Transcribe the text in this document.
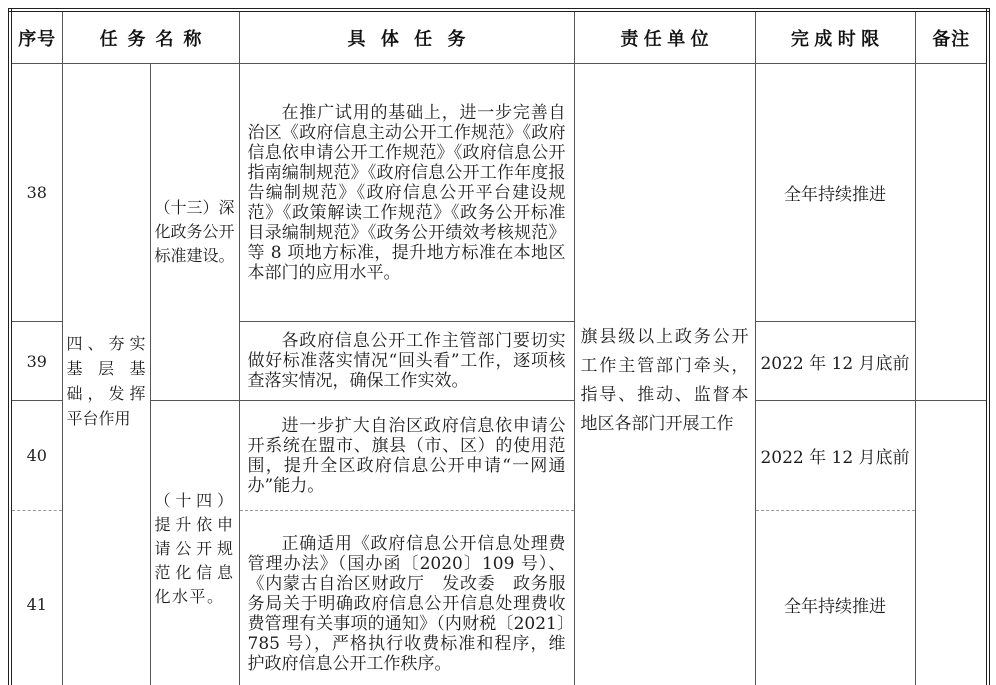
序号	任务名称		具体任务	责任单位	完成时限	备注
38	四、夯实基层基础，发挥平台作用	（十三）深化政务公开标准建设。	在推广试用的基础上，进一步完善自治区《政府信息主动公开工作规范》《政府信息依申请公开工作规范》《政府信息公开指南编制规范》《政府信息公开工作年度报告编制规范》《政府信息公开平台建设规范》《政策解读工作规范》《政务公开标准目录编制规范》《政务公开绩效考核规范》等 8 项地方标准，提升地方标准在本地区本部门的应用水平。	旗县级以上政务公开工作主管部门牵头，指导、推动、监督本地区各部门开展工作	全年持续推进	
39			各政府信息公开工作主管部门要切实做好标准落实情况“回头看”工作，逐项核查落实情况，确保工作实效。		2022 年 12 月底前	
40		（十四）提升依申请公开规范化信息化水平。	进一步扩大自治区政府信息依申请公开系统在盟市、旗县（市、区）的使用范围，提升全区政府信息公开申请“一网通办”能力。		2022 年 12 月底前	
41			正确适用《政府信息公开信息处理费管理办法》（国办函〔2020〕109 号）、《内蒙古自治区财政厅　发改委　政务服务局关于明确政府信息公开信息处理费收费管理有关事项的通知》（内财税〔2021〕785 号），严格执行收费标准和程序，维护政府信息公开工作秩序。		全年持续推进	
